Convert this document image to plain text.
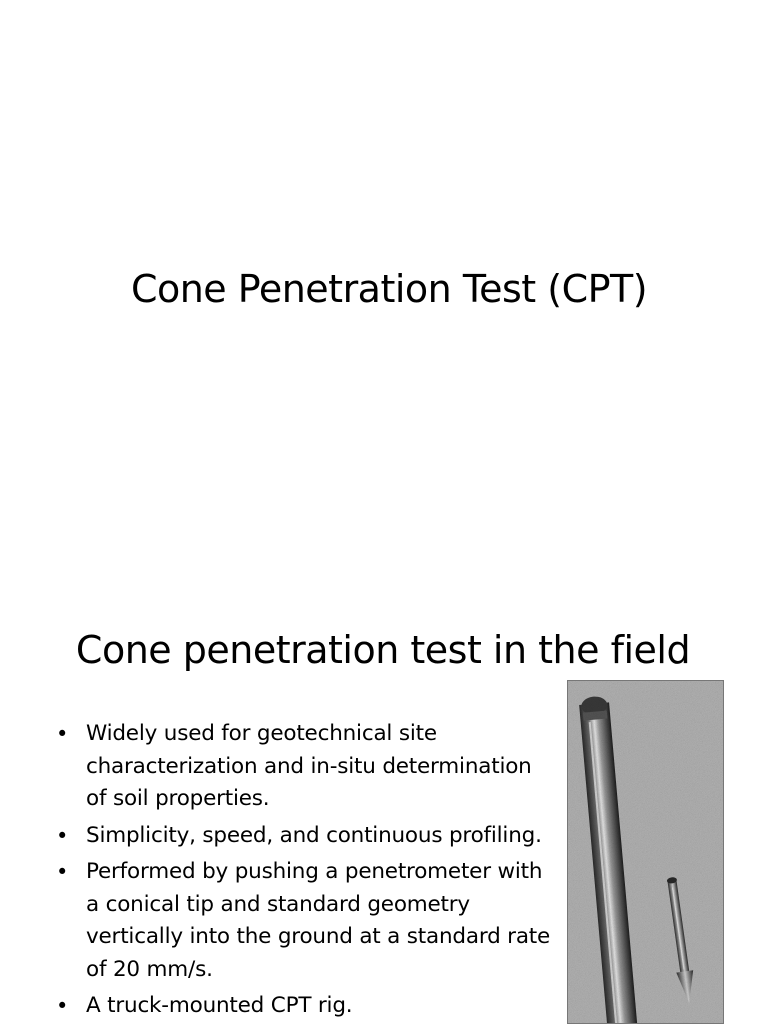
Cone Penetration Test (CPT)
Cone penetration test in the field
• Widely used for geotechnical site characterization and in-situ determination of soil properties.
• Simplicity, speed, and continuous profiling.
• Performed by pushing a penetrometer with a conical tip and standard geometry vertically into the ground at a standard rate of 20 mm/s.
• A truck-mounted CPT rig.
